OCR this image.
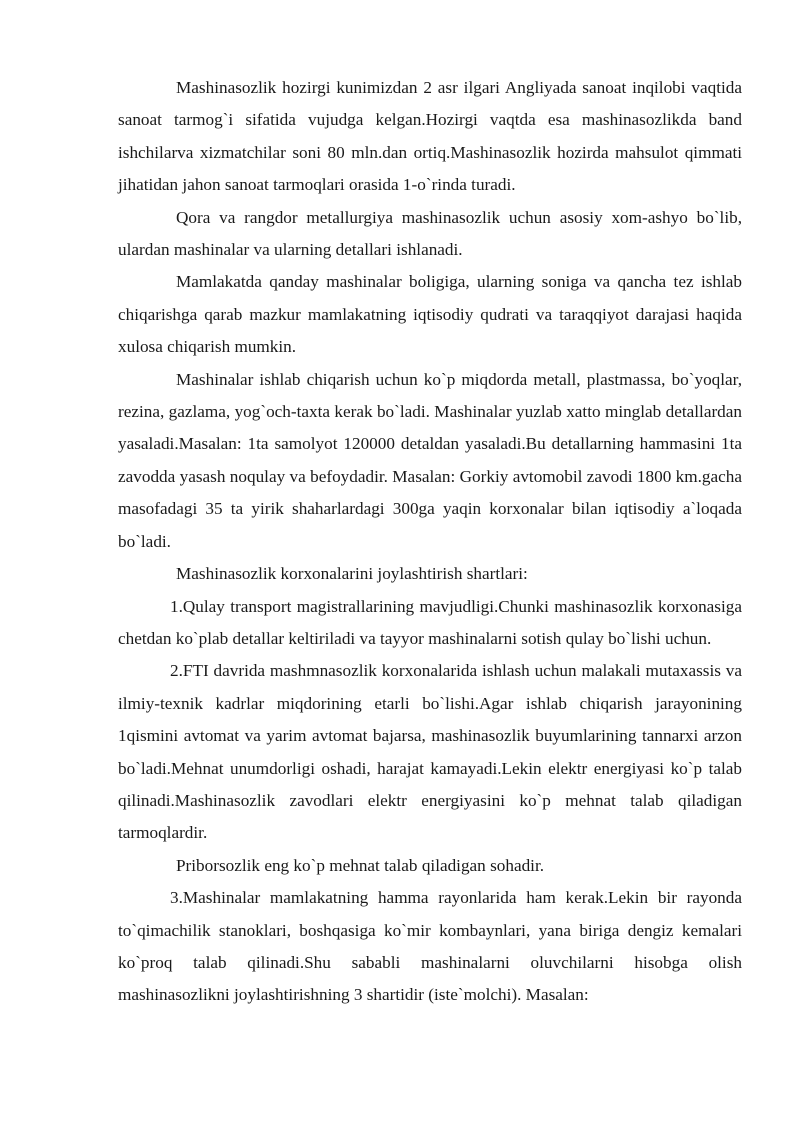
Mashinasozlik hozirgi kunimizdan 2 asr ilgari Angliyada sanoat inqilobi vaqtida sanoat tarmog`i sifatida vujudga kelgan.Hozirgi vaqtda esa mashinasozlikda band ishchilarva xizmatchilar soni 80 mln.dan ortiq.Mashinasozlik hozirda mahsulot qimmati jihatidan jahon sanoat tarmoqlari orasida 1-o`rinda turadi.

Qora va rangdor metallurgiya mashinasozlik uchun asosiy xom-ashyo bo`lib, ulardan mashinalar va ularning detallari ishlanadi.

Mamlakatda qanday mashinalar boligiga, ularning soniga va qancha tez ishlab chiqarishga qarab mazkur mamlakatning iqtisodiy qudrati va taraqqiyot darajasi haqida xulosa chiqarish mumkin.

Mashinalar ishlab chiqarish uchun ko`p miqdorda metall, plastmassa, bo`yoqlar, rezina, gazlama, yog`och-taxta kerak bo`ladi. Mashinalar yuzlab xatto minglab detallardan yasaladi.Masalan: 1ta samolyot 120000 detaldan yasaladi.Bu detallarning hammasini 1ta zavodda yasash noqulay va befoydadir. Masalan: Gorkiy avtomobil zavodi 1800 km.gacha masofadagi 35 ta yirik shaharlardagi 300ga yaqin korxonalar bilan iqtisodiy a`loqada bo`ladi.

Mashinasozlik korxonalarini joylashtirish shartlari:

1.Qulay transport magistrallarining mavjudligi.Chunki mashinasozlik korxonasiga chetdan ko`plab detallar keltiriladi va tayyor mashinalarni sotish qulay bo`lishi uchun.

2.FTI davrida mashmnasozlik korxonalarida ishlash uchun malakali mutaxassis va ilmiy-texnik kadrlar miqdorining etarli bo`lishi.Agar ishlab chiqarish jarayonining 1qismini avtomat va yarim avtomat bajarsa, mashinasozlik buyumlarining tannarxi arzon bo`ladi.Mehnat unumdorligi oshadi, harajat kamayadi.Lekin elektr energiyasi ko`p talab qilinadi.Mashinasozlik zavodlari elektr energiyasini ko`p mehnat talab qiladigan tarmoqlardir.

Priborsozlik eng ko`p mehnat talab qiladigan sohadir.

3.Mashinalar mamlakatning hamma rayonlarida ham kerak.Lekin bir rayonda to`qimachilik stanoklari, boshqasiga ko`mir kombaynlari, yana biriga dengiz kemalari ko`proq talab qilinadi.Shu sababli mashinalarni oluvchilarni hisobga olish mashinasozlikni joylashtirishning 3 shartidir (iste`molchi). Masalan:
